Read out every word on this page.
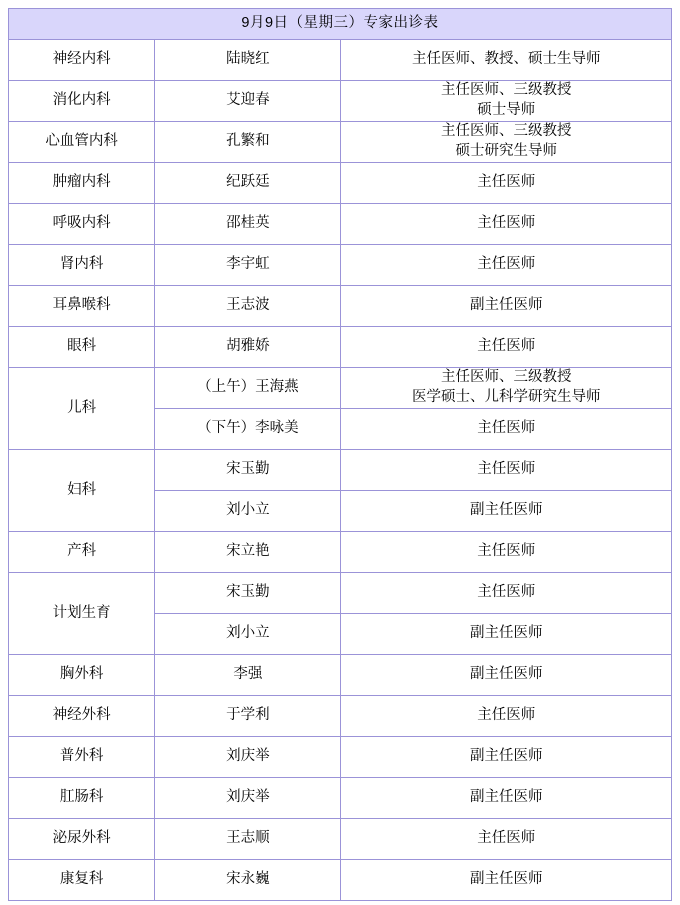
9月9日（星期三）专家出诊表		
神经内科	陆晓红	主任医师、教授、硕士生导师

消化内科	艾迎春	主任医师、三级教授
硕士导师

心血管内科	孔繁和	主任医师、三级教授
硕士研究生导师

肿瘤内科	纪跃廷	主任医师

呼吸内科	邵桂英	主任医师

肾内科	李宇虹	主任医师

耳鼻喉科	王志波	副主任医师

眼科	胡雅娇	主任医师

儿科	（上午）王海燕	主任医师、三级教授
医学硕士、儿科学研究生导师

	（下午）李咏美	主任医师

妇科	宋玉勤	主任医师

	刘小立	副主任医师

产科	宋立艳	主任医师

计划生育	宋玉勤	主任医师

	刘小立	副主任医师

胸外科	李强	副主任医师

神经外科	于学利	主任医师

普外科	刘庆举	副主任医师

肛肠科	刘庆举	副主任医师

泌尿外科	王志顺	主任医师

康复科	宋永巍	副主任医师
